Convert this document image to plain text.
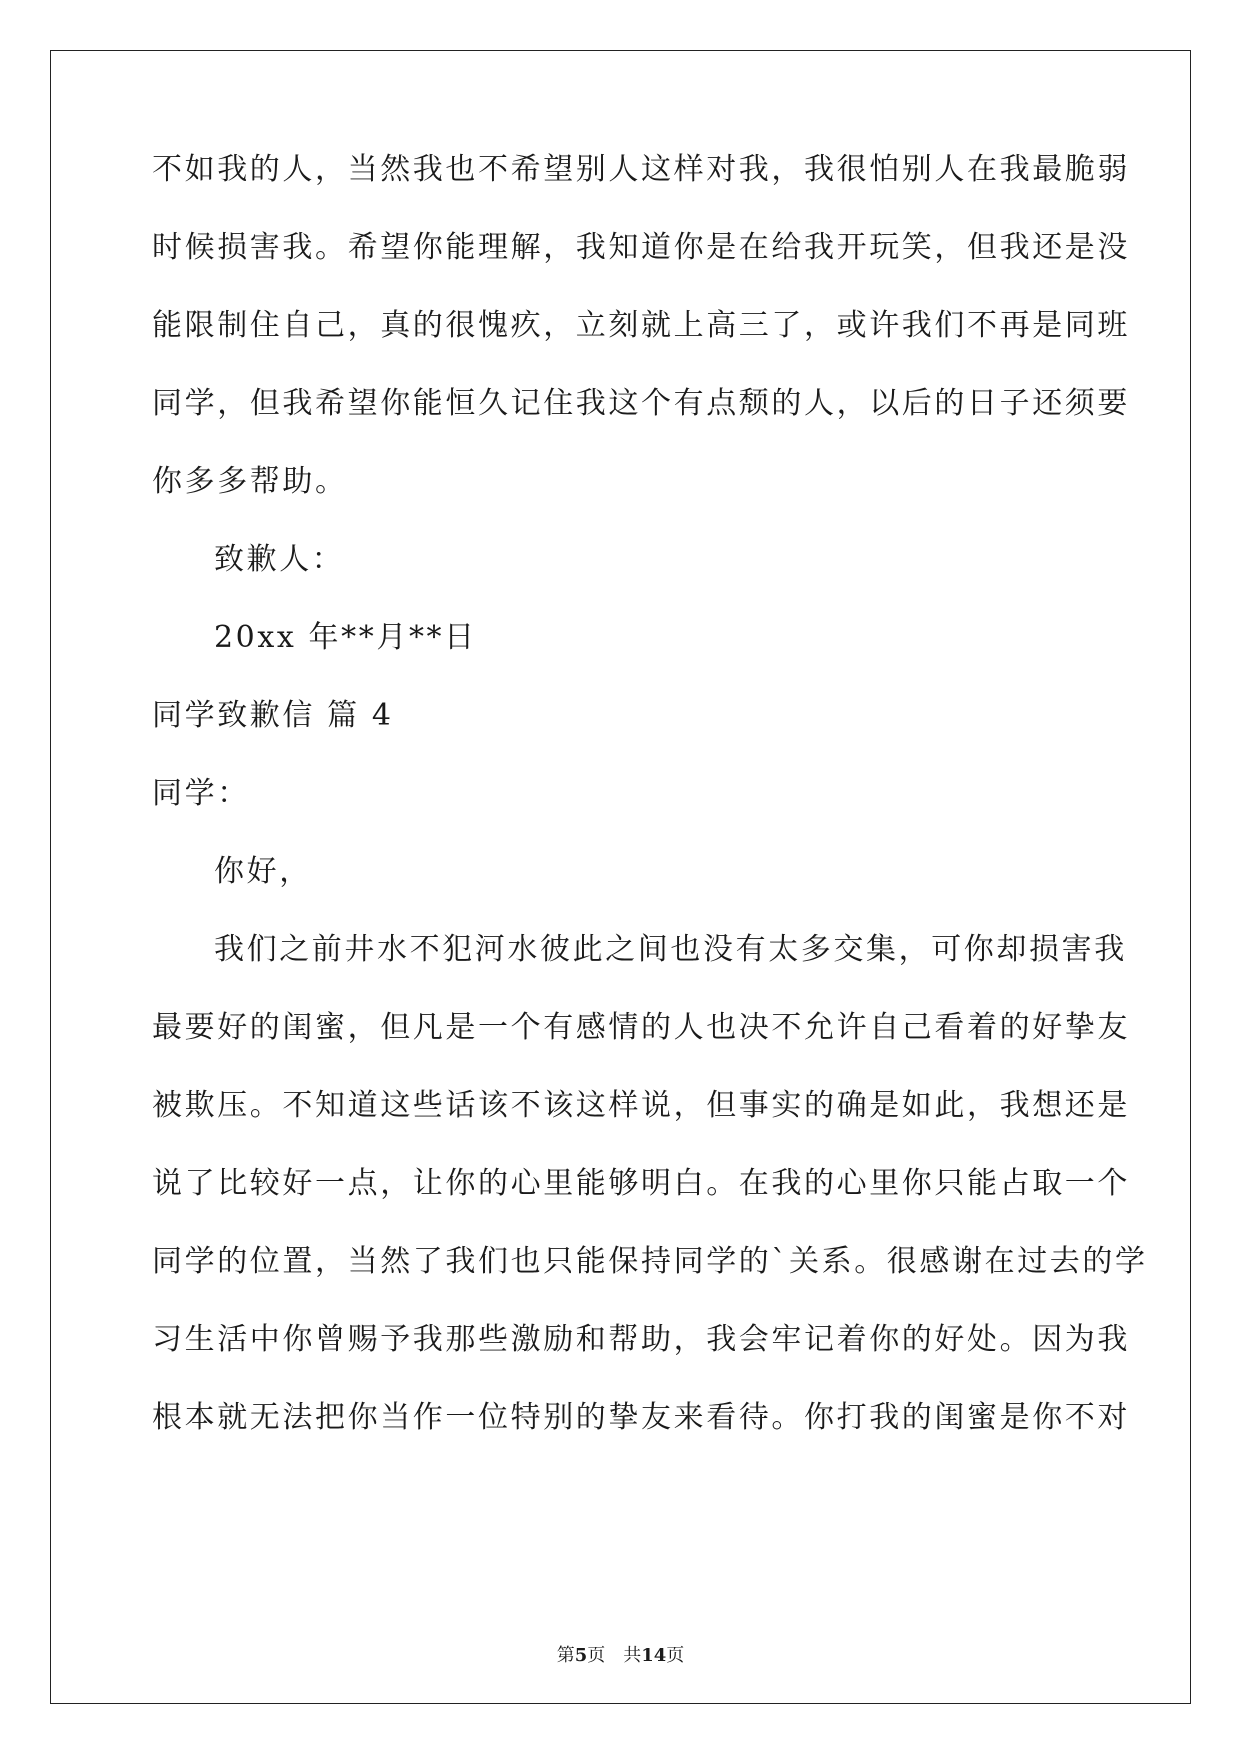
不如我的人，当然我也不希望别人这样对我，我很怕别人在我最脆弱
时候损害我。希望你能理解，我知道你是在给我开玩笑，但我还是没
能限制住自己，真的很愧疚，立刻就上高三了，或许我们不再是同班
同学，但我希望你能恒久记住我这个有点颓的人，以后的日子还须要
你多多帮助。
致歉人：
20xx 年**月**日
同学致歉信 篇 4
同学：
你好，
我们之前井水不犯河水彼此之间也没有太多交集，可你却损害我
最要好的闺蜜，但凡是一个有感情的人也决不允许自己看着的好挚友
被欺压。不知道这些话该不该这样说，但事实的确是如此，我想还是
说了比较好一点，让你的心里能够明白。在我的心里你只能占取一个
同学的位置，当然了我们也只能保持同学的`关系。很感谢在过去的学
习生活中你曾赐予我那些激励和帮助，我会牢记着你的好处。因为我
根本就无法把你当作一位特别的挚友来看待。你打我的闺蜜是你不对
第5页　共14页
